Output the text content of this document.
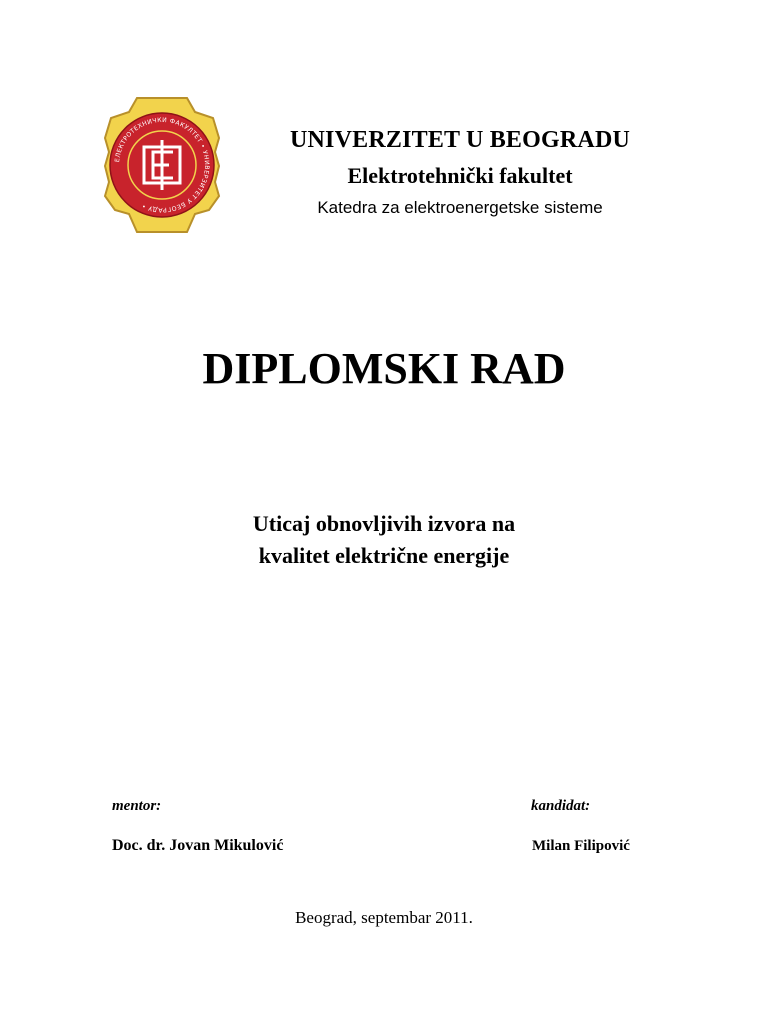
ЕЛЕКТРОТЕХНИЧКИ ФАКУЛТЕТ • УНИВЕРЗИТЕТ У БЕОГРАДУ •
UNIVERZITET U BEOGRADU
Elektrotehnički fakultet
Katedra za elektroenergetske sisteme
DIPLOMSKI RAD
Uticaj obnovljivih izvora na
kvalitet električne energije
mentor:
Doc. dr. Jovan Mikulović
kandidat:
Milan Filipović
Beograd, septembar 2011.
